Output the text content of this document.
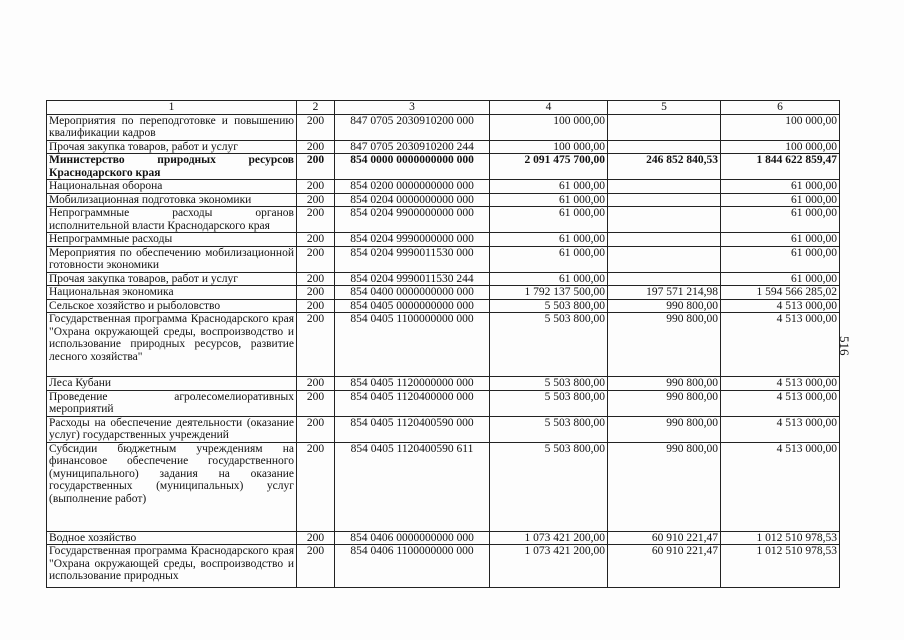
1	2	3	4	5	6
Мероприятия по переподготовке и повышению квалификации кадров	200	847 0705 2030910200 000	100 000,00		100 000,00
Прочая закупка товаров, работ и услуг	200	847 0705 2030910200 244	100 000,00		100 000,00
Министерство природных ресурсов Краснодарского края	200	854 0000 0000000000 000	2 091 475 700,00	246 852 840,53	1 844 622 859,47
Национальная оборона	200	854 0200 0000000000 000	61 000,00		61 000,00
Мобилизационная подготовка экономики	200	854 0204 0000000000 000	61 000,00		61 000,00
Непрограммные расходы органов исполнительной власти Краснодарского края	200	854 0204 9900000000 000	61 000,00		61 000,00
Непрограммные расходы	200	854 0204 9990000000 000	61 000,00		61 000,00
Мероприятия по обеспечению мобилизационной готовности экономики	200	854 0204 9990011530 000	61 000,00		61 000,00
Прочая закупка товаров, работ и услуг	200	854 0204 9990011530 244	61 000,00		61 000,00
Национальная экономика	200	854 0400 0000000000 000	1 792 137 500,00	197 571 214,98	1 594 566 285,02
Сельское хозяйство и рыболовство	200	854 0405 0000000000 000	5 503 800,00	990 800,00	4 513 000,00
Государственная программа Краснодарского края "Охрана окружающей среды, воспроизводство и использование природных ресурсов, развитие лесного хозяйства"	200	854 0405 1100000000 000	5 503 800,00	990 800,00	4 513 000,00
Леса Кубани	200	854 0405 1120000000 000	5 503 800,00	990 800,00	4 513 000,00
Проведение агролесомелиоративных мероприятий	200	854 0405 1120400000 000	5 503 800,00	990 800,00	4 513 000,00
Расходы на обеспечение деятельности (оказание услуг) государственных учреждений	200	854 0405 1120400590 000	5 503 800,00	990 800,00	4 513 000,00
Субсидии бюджетным учреждениям на финансовое обеспечение государственного (муниципального) задания на оказание государственных (муниципальных) услуг (выполнение работ)	200	854 0405 1120400590 611	5 503 800,00	990 800,00	4 513 000,00
Водное хозяйство	200	854 0406 0000000000 000	1 073 421 200,00	60 910 221,47	1 012 510 978,53
Государственная программа Краснодарского края "Охрана окружающей среды, воспроизводство и использование природных	200	854 0406 1100000000 000	1 073 421 200,00	60 910 221,47	1 012 510 978,53
516
